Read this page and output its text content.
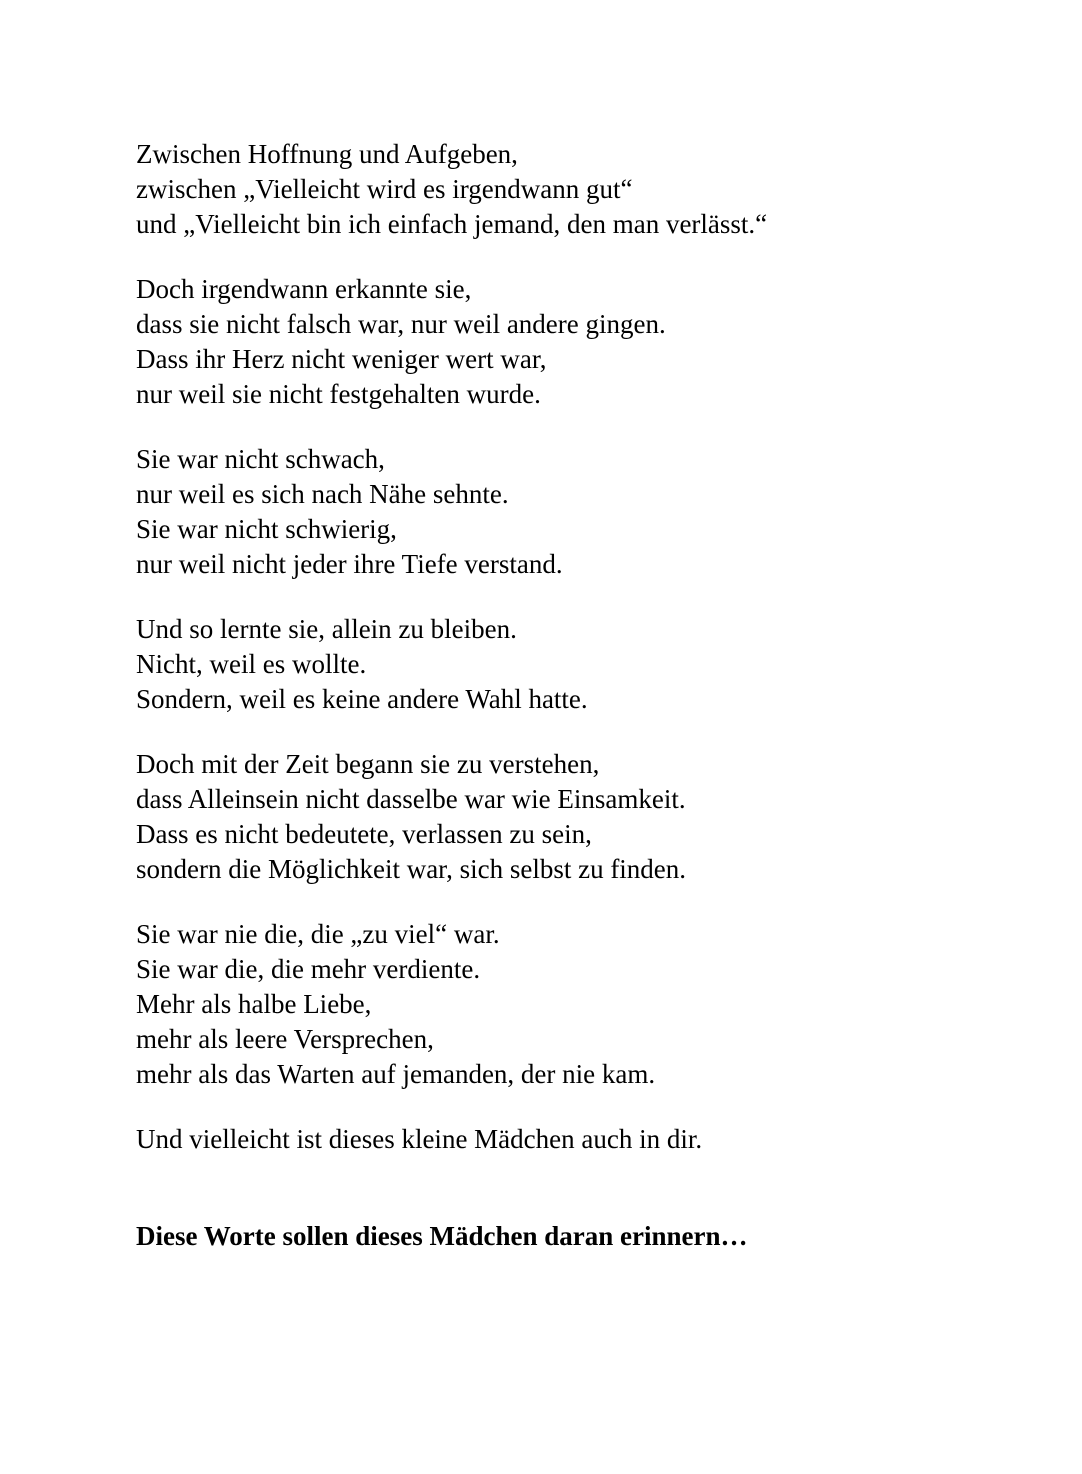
Zwischen Hoffnung und Aufgeben,
zwischen „Vielleicht wird es irgendwann gut“
und „Vielleicht bin ich einfach jemand, den man verlässt.“
Doch irgendwann erkannte sie,
dass sie nicht falsch war, nur weil andere gingen.
Dass ihr Herz nicht weniger wert war,
nur weil sie nicht festgehalten wurde.
Sie war nicht schwach,
nur weil es sich nach Nähe sehnte.
Sie war nicht schwierig,
nur weil nicht jeder ihre Tiefe verstand.
Und so lernte sie, allein zu bleiben.
Nicht, weil es wollte.
Sondern, weil es keine andere Wahl hatte.
Doch mit der Zeit begann sie zu verstehen,
dass Alleinsein nicht dasselbe war wie Einsamkeit.
Dass es nicht bedeutete, verlassen zu sein,
sondern die Möglichkeit war, sich selbst zu finden.
Sie war nie die, die „zu viel“ war.
Sie war die, die mehr verdiente.
Mehr als halbe Liebe,
mehr als leere Versprechen,
mehr als das Warten auf jemanden, der nie kam.
Und vielleicht ist dieses kleine Mädchen auch in dir.
Diese Worte sollen dieses Mädchen daran erinnern…
